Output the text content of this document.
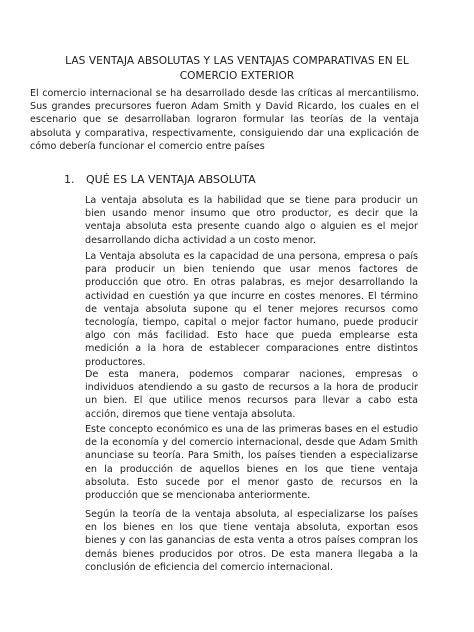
LAS VENTAJA ABSOLUTAS Y LAS VENTAJAS COMPARATIVAS EN EL
COMERCIO EXTERIOR
El comercio internacional se ha desarrollado desde las críticas al mercantilismo. Sus grandes precursores fueron Adam Smith y David Ricardo, los cuales en el escenario que se desarrollaban lograron formular las teorías de la ventaja absoluta y comparativa, respectivamente, consiguiendo dar una explicación de cómo debería funcionar el comercio entre países
1. QUÉ ES LA VENTAJA ABSOLUTA
La ventaja absoluta es la habilidad que se tiene para producir un bien usando menor insumo que otro productor, es decir que la ventaja absoluta esta presente cuando algo o alguien es el mejor desarrollando dicha actividad a un costo menor.
La Ventaja absoluta es la capacidad de una persona, empresa o país para producir un bien teniendo que usar menos factores de producción que otro. En otras palabras, es mejor desarrollando la actividad en cuestión ya que incurre en costes menores. El término de ventaja absoluta supone qu el tener mejores recursos como tecnología, tiempo, capital o mejor factor humano, puede producir algo con más facilidad. Esto hace que pueda emplearse esta medición a la hora de establecer comparaciones entre distintos productores.
De esta manera, podemos comparar naciones, empresas o individuos atendiendo a su gasto de recursos a la hora de producir un bien. El que utilice menos recursos para llevar a cabo esta acción, diremos que tiene ventaja absoluta.
Este concepto económico es una de las primeras bases en el estudio de la economía y del comercio internacional, desde que Adam Smith anunciase su teoría. Para Smith, los países tienden a especializarse en la producción de aquellos bienes en los que tiene ventaja absoluta. Esto sucede por el menor gasto de recursos en la producción que se mencionaba anteriormente.
Según la teoría de la ventaja absoluta, al especializarse los países en los bienes en los que tiene ventaja absoluta, exportan esos bienes y con las ganancias de esta venta a otros países compran los demás bienes producidos por otros. De esta manera llegaba a la conclusión de eficiencia del comercio internacional.
